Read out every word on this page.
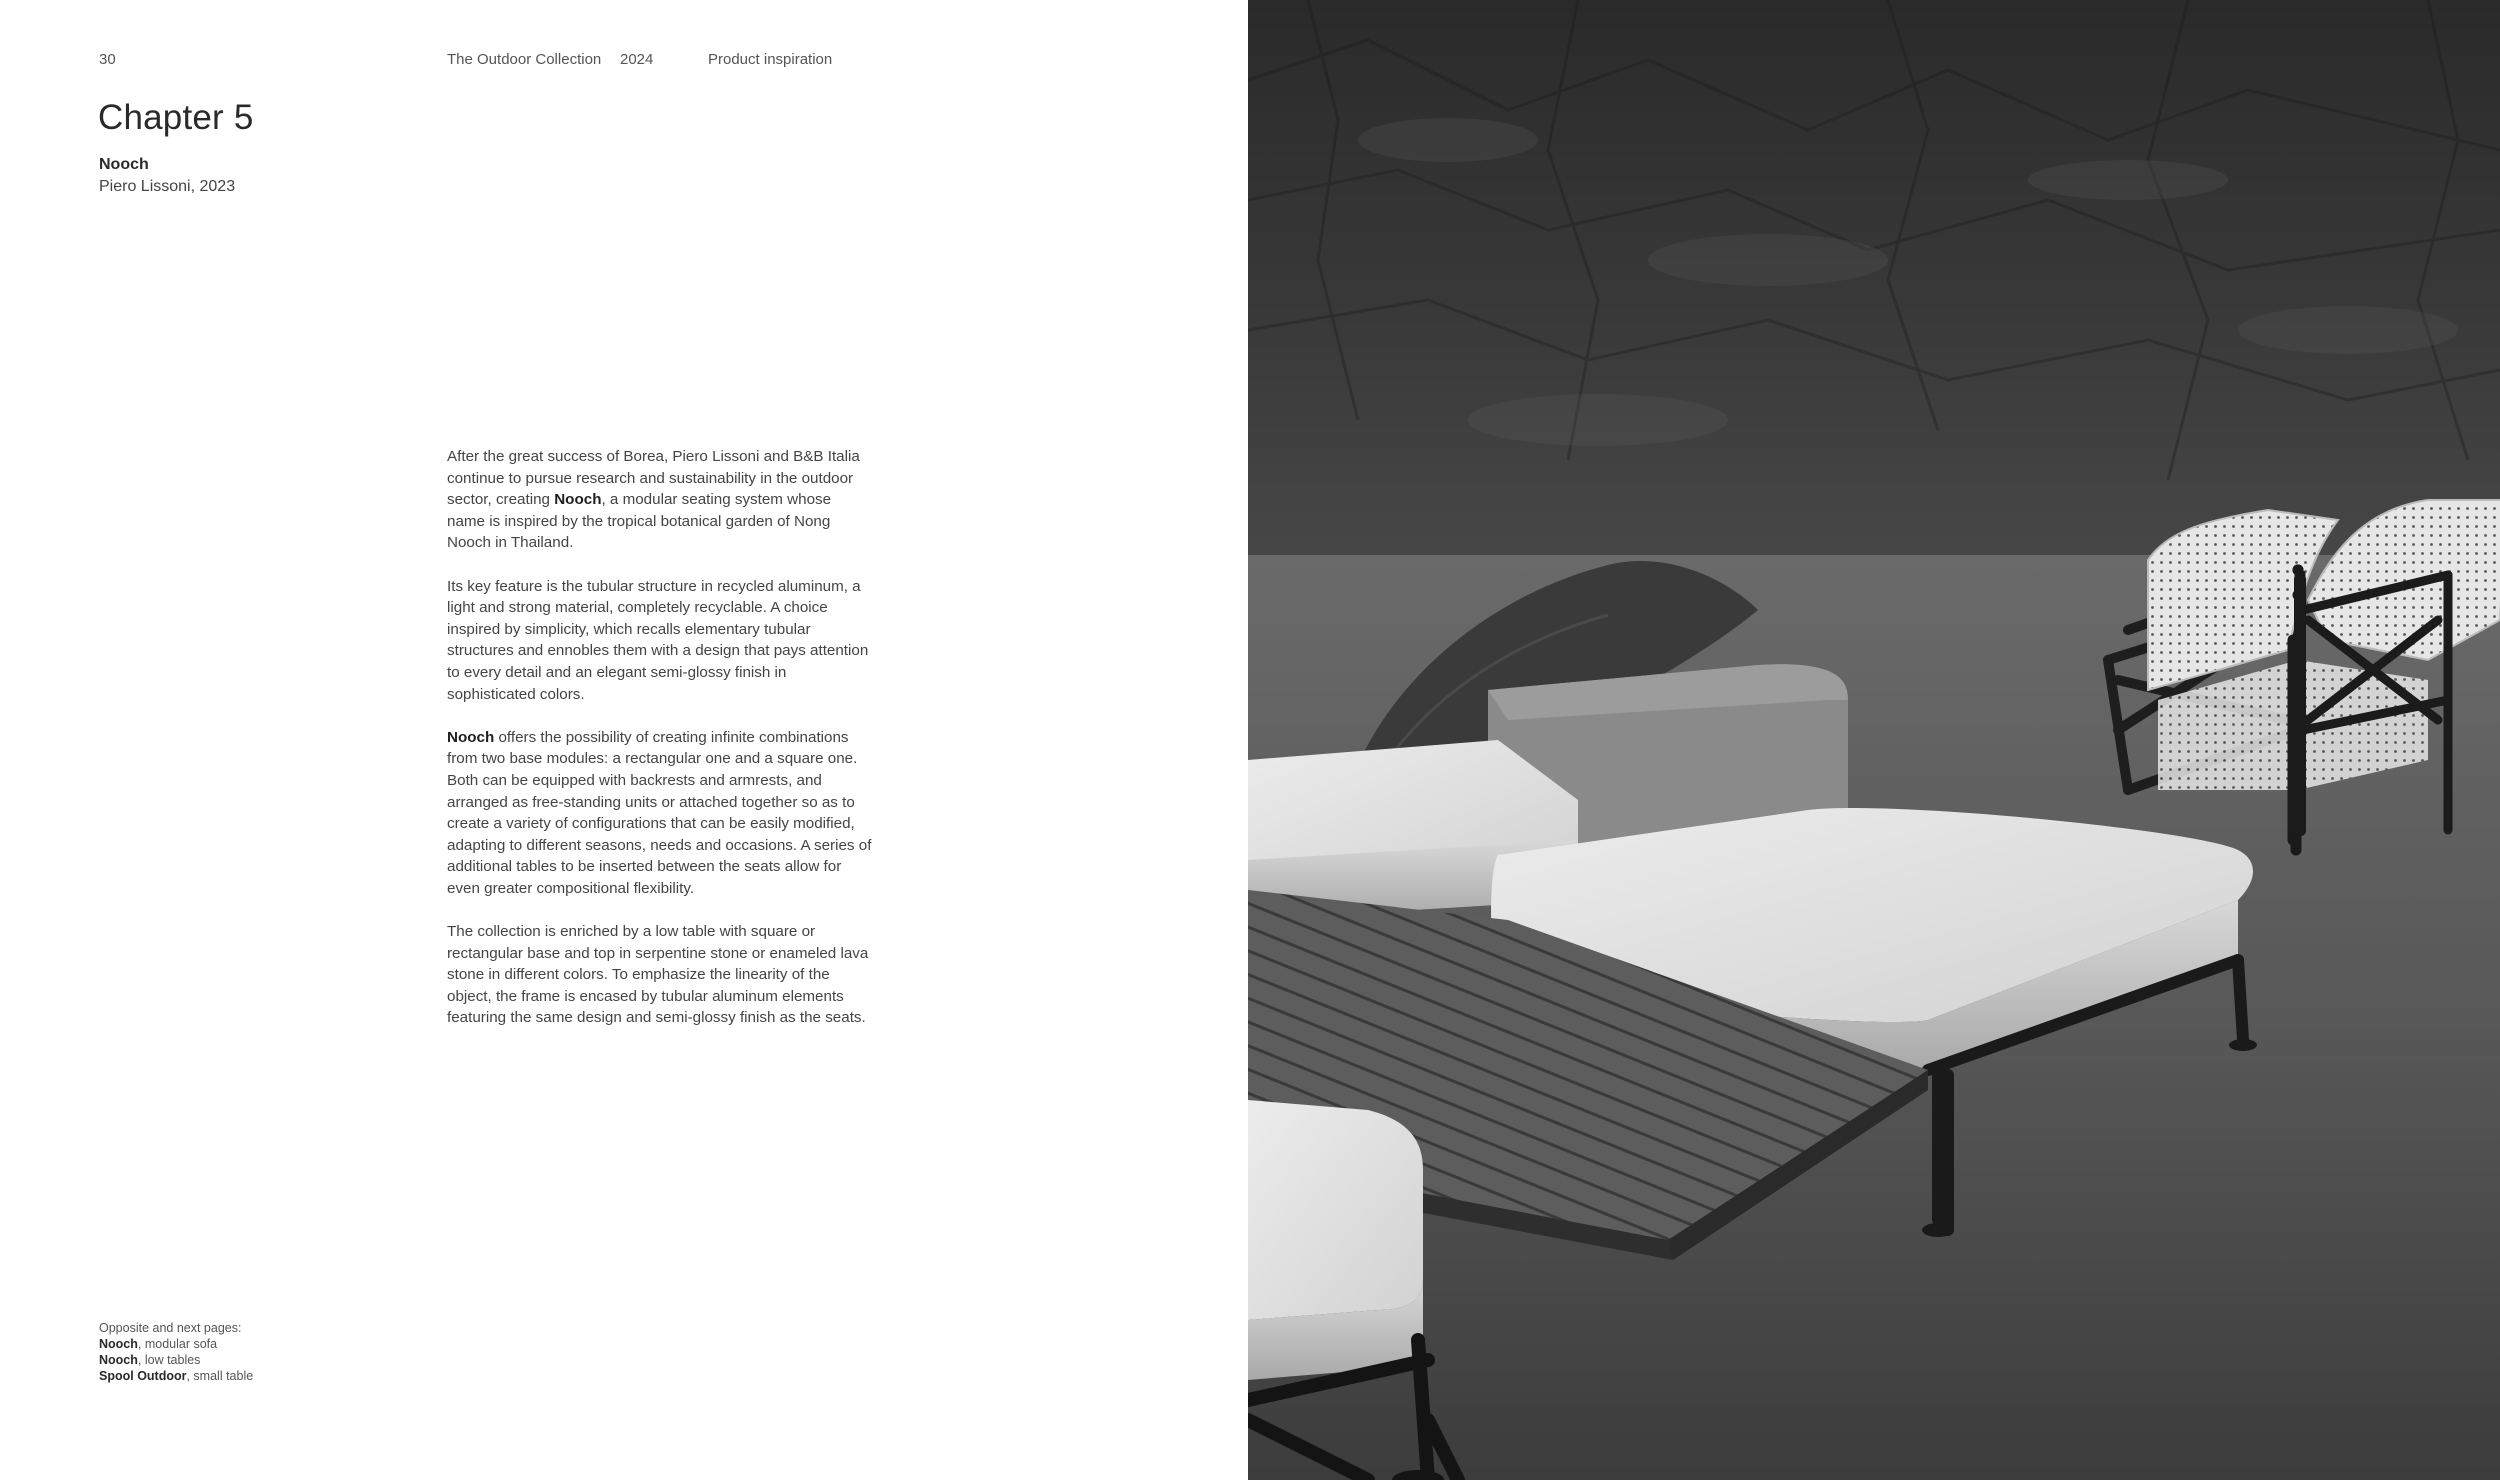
30	The Outdoor Collection 2024	Product inspiration
Chapter 5
Nooch
Piero Lissoni, 2023

After the great success of Borea, Piero Lissoni and B&B Italia continue to pursue research and sustainability in the outdoor sector, creating Nooch, a modular seating system whose name is inspired by the tropical botanical garden of Nong Nooch in Thailand.

Its key feature is the tubular structure in recycled aluminum, a light and strong material, completely recyclable. A choice inspired by simplicity, which recalls elementary tubular structures and ennobles them with a design that pays attention to every detail and an elegant semi-glossy finish in sophisticated colors.

Nooch offers the possibility of creating infinite combinations from two base modules: a rectangular one and a square one. Both can be equipped with backrests and armrests, and arranged as free-standing units or attached together so as to create a variety of configurations that can be easily modified, adapting to different seasons, needs and occasions. A series of additional tables to be inserted between the seats allow for even greater compositional flexibility.

The collection is enriched by a low table with square or rectangular base and top in serpentine stone or enameled lava stone in different colors. To emphasize the linearity of the object, the frame is encased by tubular aluminum elements featuring the same design and semi-glossy finish as the seats.

Opposite and next pages:
Nooch, modular sofa
Nooch, low tables
Spool Outdoor, small table
